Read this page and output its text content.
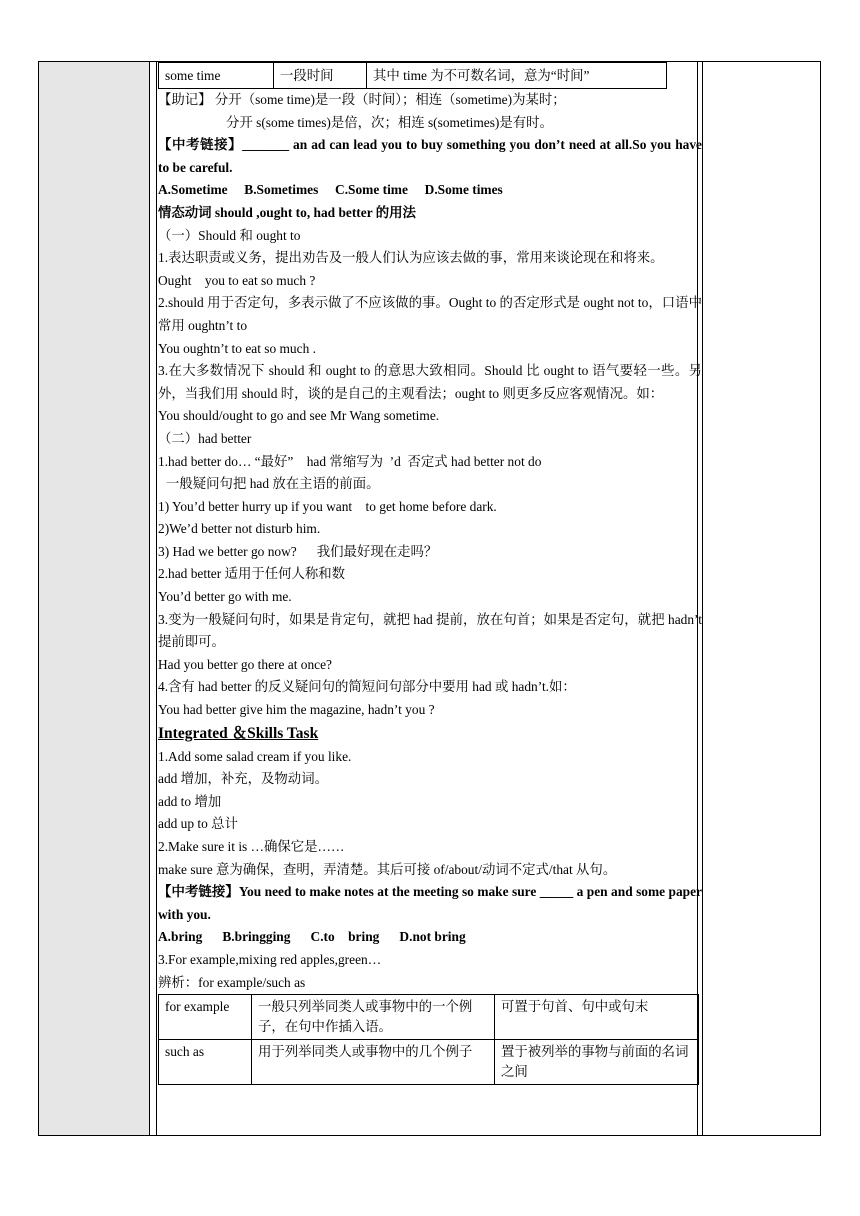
some time	一段时间	其中 time 为不可数名词，意为“时间”
【助记】 分开（some time)是一段（时间）；相连（sometime)为某时；
分开 s(some times)是倍，次；相连 s(sometimes)是有时。
【中考链接】_______ an ad can lead you to buy something you don’t need at all.So you have to be careful.
A.Sometime     B.Sometimes     C.Some time     D.Some times
情态动词 should ,ought to, had better 的用法
（一）Should 和 ought to
1.表达职责或义务，提出劝告及一般人们认为应该去做的事，常用来谈论现在和将来。
Ought    you to eat so much ?
2.should 用于否定句，多表示做了不应该做的事。Ought to 的否定形式是 ought not to，口语中常用 oughtn’t to
You oughtn’t to eat so much .
3.在大多数情况下 should 和 ought to 的意思大致相同。Should 比 ought to 语气要轻一些。另外，当我们用 should 时，谈的是自己的主观看法；ought to 则更多反应客观情况。如：
You should/ought to go and see Mr Wang sometime.
（二）had better
1.had better do… “最好”    had 常缩写为  ’d  否定式 had better not do
一般疑问句把 had 放在主语的前面。
1) You’d better hurry up if you want    to get home before dark.
2)We’d better not disturb him.
3) Had we better go now?      我们最好现在走吗？
2.had better 适用于任何人称和数
You’d better go with me.
3.变为一般疑问句时，如果是肯定句，就把 had 提前，放在句首；如果是否定句，就把 hadn’t 提前即可。
Had you better go there at once?
4.含有 had better 的反义疑问句的简短问句部分中要用 had 或 hadn’t.如：
You had better give him the magazine, hadn’t you ?
Integrated ＆Skills Task
1.Add some salad cream if you like.
add 增加，补充，及物动词。
add to 增加
add up to 总计
2.Make sure it is …确保它是……
make sure 意为确保，查明，弄清楚。其后可接 of/about/动词不定式/that 从句。
【中考链接】You need to make notes at the meeting so make sure _____ a pen and some paper with you.
A.bring      B.bringging      C.to    bring      D.not bring
3.For example,mixing red apples,green…
辨析：for example/such as
for example	一般只列举同类人或事物中的一个例子，在句中作插入语。	可置于句首、句中或句末
such as	用于列举同类人或事物中的几个例子	置于被列举的事物与前面的名词之间
